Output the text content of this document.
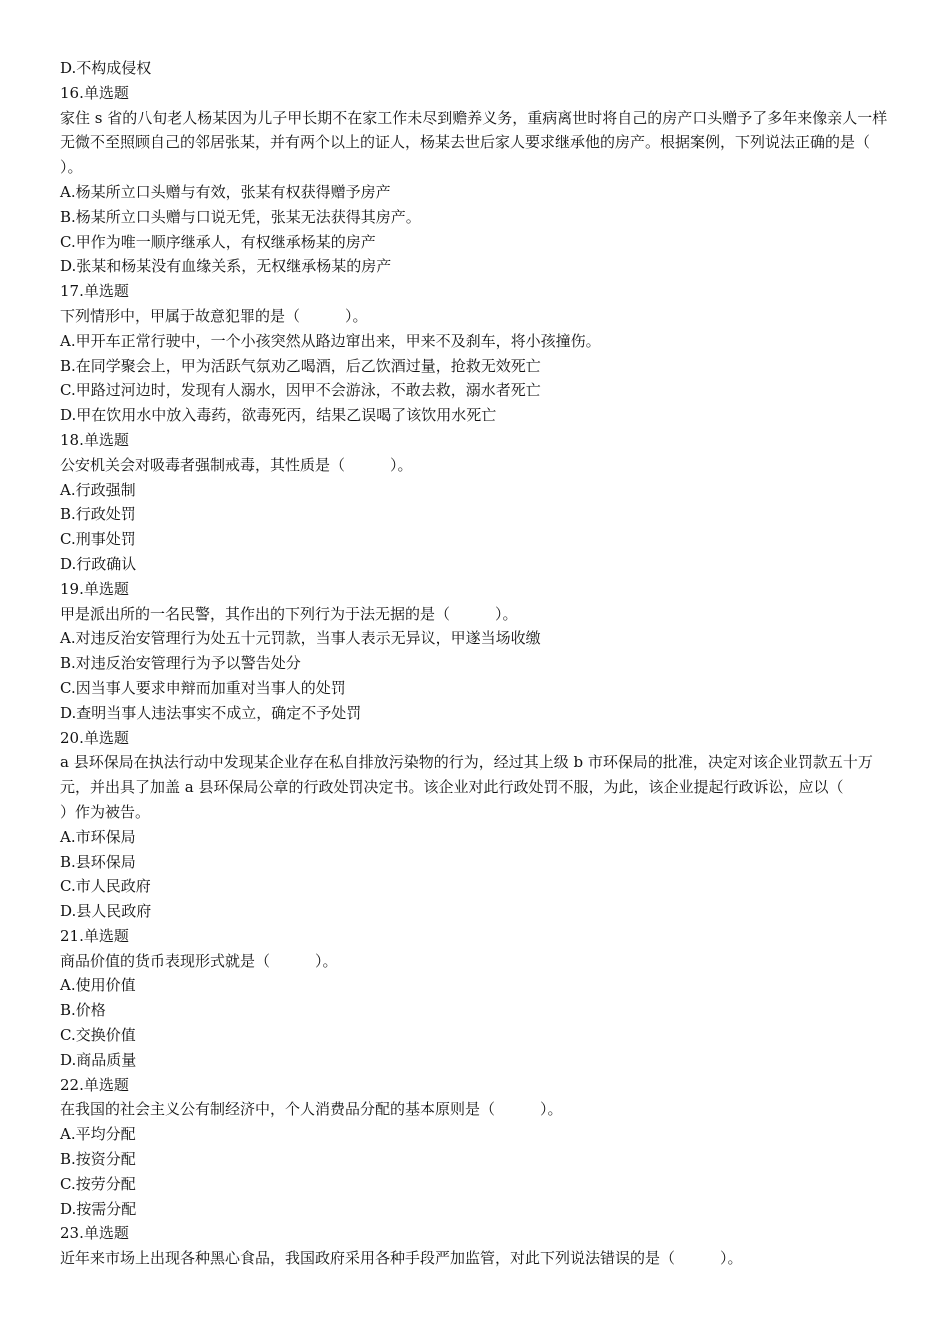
D.不构成侵权

16.单选题

家住 s 省的八旬老人杨某因为儿子甲长期不在家工作未尽到赡养义务，重病离世时将自己的房产口头赠予了多年来像亲人一样无微不至照顾自己的邻居张某，并有两个以上的证人，杨某去世后家人要求继承他的房产。根据案例，下列说法正确的是（　　　）。

A.杨某所立口头赠与有效，张某有权获得赠予房产

B.杨某所立口头赠与口说无凭，张某无法获得其房产。

C.甲作为唯一顺序继承人，有权继承杨某的房产

D.张某和杨某没有血缘关系，无权继承杨某的房产

17.单选题

下列情形中，甲属于故意犯罪的是（　　　）。

A.甲开车正常行驶中，一个小孩突然从路边窜出来，甲来不及刹车，将小孩撞伤。

B.在同学聚会上，甲为活跃气氛劝乙喝酒，后乙饮酒过量，抢救无效死亡

C.甲路过河边时，发现有人溺水，因甲不会游泳，不敢去救，溺水者死亡

D.甲在饮用水中放入毒药，欲毒死丙，结果乙误喝了该饮用水死亡

18.单选题

公安机关会对吸毒者强制戒毒，其性质是（　　　）。

A.行政强制

B.行政处罚

C.刑事处罚

D.行政确认

19.单选题

甲是派出所的一名民警，其作出的下列行为于法无据的是（　　　）。

A.对违反治安管理行为处五十元罚款，当事人表示无异议，甲遂当场收缴

B.对违反治安管理行为予以警告处分

C.因当事人要求申辩而加重对当事人的处罚

D.查明当事人违法事实不成立，确定不予处罚

20.单选题

a 县环保局在执法行动中发现某企业存在私自排放污染物的行为，经过其上级 b 市环保局的批准，决定对该企业罚款五十万元，并出具了加盖 a 县环保局公章的行政处罚决定书。该企业对此行政处罚不服，为此，该企业提起行政诉讼，应以（　　　　）作为被告。

A.市环保局

B.县环保局

C.市人民政府

D.县人民政府

21.单选题

商品价值的货币表现形式就是（　　　）。

A.使用价值

B.价格

C.交换价值

D.商品质量

22.单选题

在我国的社会主义公有制经济中，个人消费品分配的基本原则是（　　　）。

A.平均分配

B.按资分配

C.按劳分配

D.按需分配

23.单选题

近年来市场上出现各种黑心食品，我国政府采用各种手段严加监管，对此下列说法错误的是（　　　）。
